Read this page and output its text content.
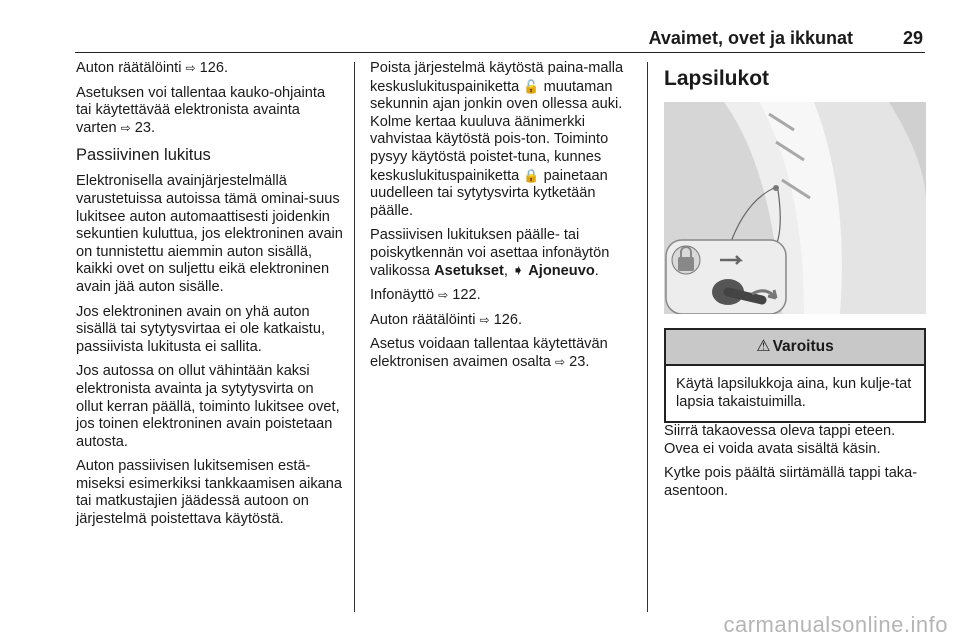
Avaimet, ovet ja ikkunat	29

Auton räätälöinti ⇨ 126.

Asetuksen voi tallentaa kauko-ohjainta tai käytettävää elektronista avainta varten ⇨ 23.

Passiivinen lukitus

Elektronisella avainjärjestelmällä varustetuissa autoissa tämä ominai-suus lukitsee auton automaattisesti joidenkin sekuntien kuluttua, jos elektroninen avain on tunnistettu aiemmin auton sisällä, kaikki ovet on suljettu eikä elektroninen avain jää auton sisälle.

Jos elektroninen avain on yhä auton sisällä tai sytytysvirtaa ei ole katkaistu, passiivista lukitusta ei sallita.

Jos autossa on ollut vähintään kaksi elektronista avainta ja sytytysvirta on ollut kerran päällä, toiminto lukitsee ovet, jos toinen elektroninen avain poistetaan autosta.

Auton passiivisen lukitsemisen estä-miseksi esimerkiksi tankkaamisen aikana tai matkustajien jäädessä autoon on järjestelmä poistettava käytöstä.

Poista järjestelmä käytöstä paina-malla keskuslukituspainiketta 🔓 muutaman sekunnin ajan jonkin oven ollessa auki. Kolme kertaa kuuluva äänimerkki vahvistaa käytöstä pois-ton. Toiminto pysyy käytöstä poistet-tuna, kunnes keskuslukituspainiketta 🔒 painetaan uudelleen tai sytytysvirta kytketään päälle.

Passiivisen lukituksen päälle- tai poiskytkennän voi asettaa infonäytön valikossa Asetukset, ➧ Ajoneuvo.

Infonäyttö ⇨ 122.

Auton räätälöinti ⇨ 126.

Asetus voidaan tallentaa käytettävän elektronisen avaimen osalta ⇨ 23.

Lapsilukot
⚠ Varoitus
Käytä lapsilukkoja aina, kun kulje-tat lapsia takaistuimilla.

Siirrä takaovessa oleva tappi eteen. Ovea ei voida avata sisältä käsin.

Kytke pois päältä siirtämällä tappi taka-asentoon.

carmanualsonline.info
